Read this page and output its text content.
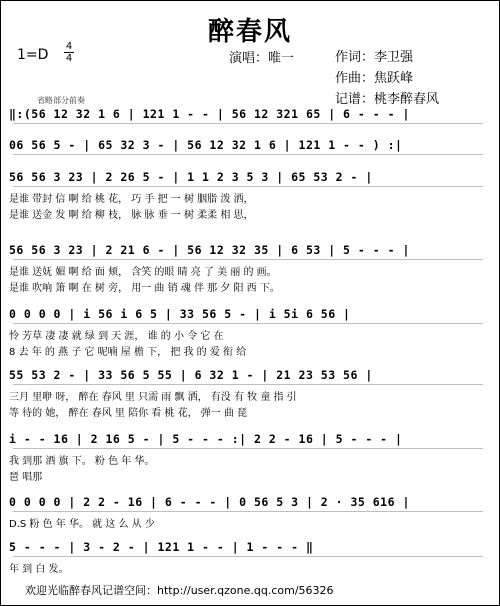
醉春风
1=D
4
4	演唱：唯一	作词：李卫强
作曲：焦跃峰
记谱：桃李醉春风
省略部分前奏
‖:(56 12 32 1 6 | 121 1 - - | 56 12 321 65 | 6 - - - |
06 56 5 - | 65 32 3 - | 56 12 32 1 6 | 121 1 - - ) :|
56 56 3 23 | 2 26 5 - | 1 1 2 3 5 3 | 65 53 2 - |
是谁 带封 信 啊 给 桃 花， 巧 手 把 一 树 胭脂 泼 洒，
是谁 送金 发 啊 给 柳 枝， 脉 脉 垂 一 树 柔柔 相 思，
56 56 3 23 | 2 21 6 - | 56 12 32 35 | 6 53 | 5 - - - |
是谁 送妩 媚 啊 给 面 颊， 含笑 的眼 睛 亮 了 美 丽 的 画。
是谁 吹响 箫 啊 在 树 旁， 用一 曲 销 魂 伴 那 夕 阳 西 下。
0 0 0 0 | i 56 i 6 5 | 33 56 5 - | i 5i 6 56 |
怜 芳草 凄 凄 就 绿 到 天 涯， 谁 的 小 令 它 在
8 去 年 的 燕 子 它 呢喃 屋 檐 下， 把 我 的 爱 衔 给
55 53 2 - | 33 56 5 55 | 6 32 1 - | 21 23 53 56 |
三月 里咿 呀， 醉在 春风 里 只需 雨 飘 洒， 有没 有 牧 童 指 引
等 待的 她， 醉在 春风 里 陪你 看 桃 花， 弹一 曲 琵
i - - 16 | 2 16 5 - | 5 - - - :| 2 2 - 16 | 5 - - - |
我 到那 酒 旗 下。 粉 色 年 华。
琶 唱那
0 0 0 0 | 2 2 - 16 | 6 - - - | 0 56 5 3 | 2 · 35 616 |
D.S 粉 色 年 华。 就 这 么 从 少
5 - - - | 3 - 2 - | 121 1 - - | 1 - - - ‖
年 到 白 发。
欢迎光临醉春风记谱空间：http://user.qzone.qq.com/56326
